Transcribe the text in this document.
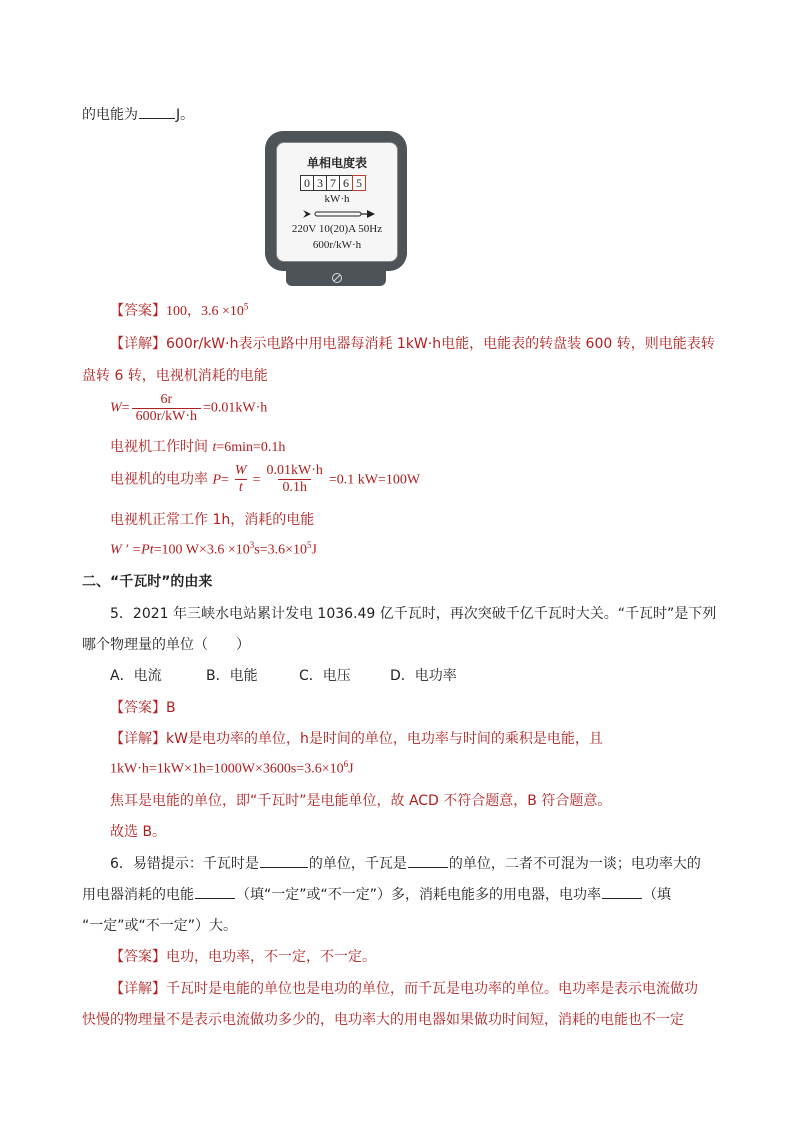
的电能为	J。
单相电度表
0 3 7 6 5
kW·h
220V 10(20)A 50Hz
600r/kW·h
【答案】100，$3.6 \times 10^5$
【详解】600r/kW·h表示电路中用电器每消耗 1kW·h电能，电能表的转盘装 600 转，则电能表转
盘转 6 转，电视机消耗的电能
$W= \frac{6r}{600r/kW\cdot h} =0.01kW\cdot h$
电视机工作时间 t=6min=0.1h
电视机的电功率 $P= \frac{W}{t} = \frac{0.01kW\cdot h}{0.1h} =0.1$ kW=100W
电视机正常工作 1h，消耗的电能
W ′ =Pt=100 $W\times 3.6 \times 10^3s=3.6\times 10^5J$
二、“千瓦时”的由来
5．2021 年三峡水电站累计发电 1036.49 亿千瓦时，再次突破千亿千瓦时大关。“千瓦时”是下列
哪个物理量的单位（　　）
A．电流	B．电能	C．电压	D．电功率
【答案】B
【详解】kW是电功率的单位，h是时间的单位，电功率与时间的乘积是电能，且
$1kW\cdot h=1kW\times 1h=1000W\times 3600s=3.6\times 10^6J$
焦耳是电能的单位，即“千瓦时”是电能单位，故 ACD 不符合题意，B 符合题意。
故选 B。
6．易错提示：千瓦时是	的单位，千瓦是	的单位，二者不可混为一谈；电功率大的
用电器消耗的电能	（填“一定”或“不一定”）多，消耗电能多的用电器，电功率	（填
“一定”或“不一定”）大。
【答案】电功，电功率，不一定，不一定。
【详解】千瓦时是电能的单位也是电功的单位，而千瓦是电功率的单位。电功率是表示电流做功
快慢的物理量不是表示电流做功多少的，电功率大的用电器如果做功时间短，消耗的电能也不一定
